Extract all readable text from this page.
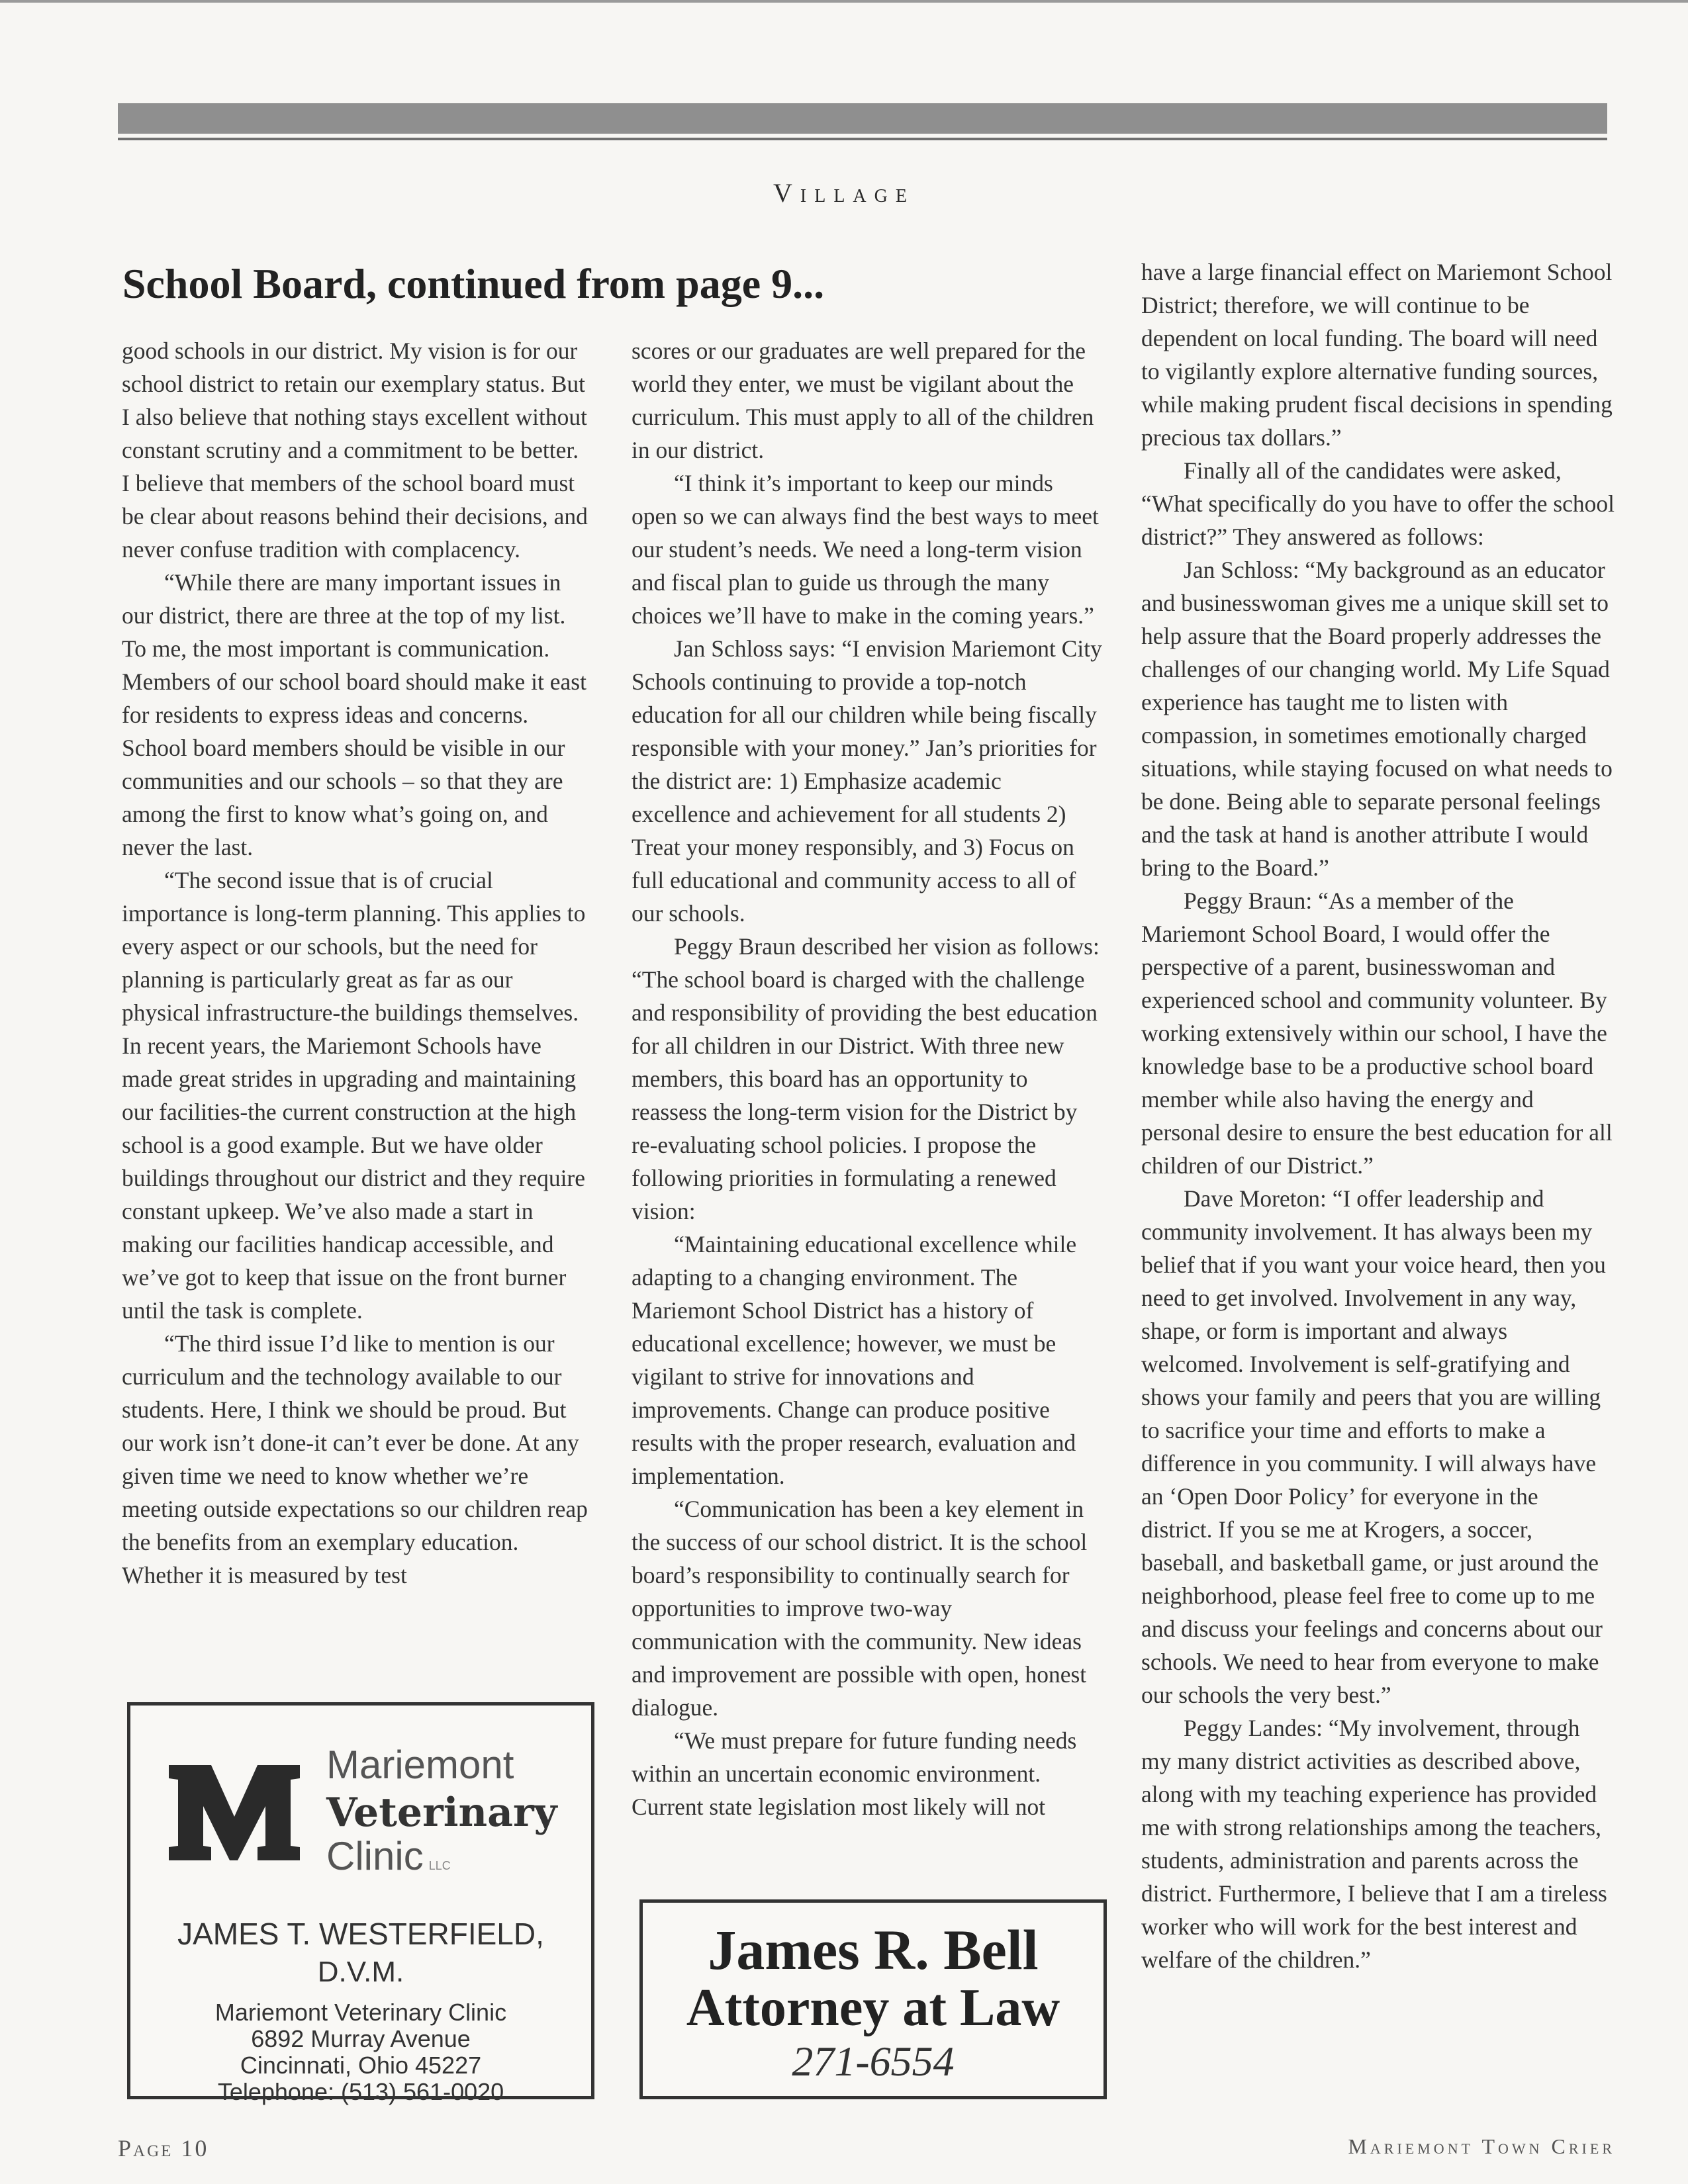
Village
School Board, continued from page 9...

good schools in our district. My vision is for our school district to retain our exemplary status. But I also believe that nothing stays excellent without constant scrutiny and a commitment to be better. I believe that members of the school board must be clear about reasons behind their decisions, and never confuse tradition with complacency.

“While there are many important issues in our district, there are three at the top of my list. To me, the most important is communication. Members of our school board should make it east for residents to express ideas and concerns. School board members should be visible in our communities and our schools – so that they are among the first to know what’s going on, and never the last.

“The second issue that is of crucial importance is long-term planning. This applies to every aspect or our schools, but the need for planning is particularly great as far as our physical infrastructure-the buildings themselves. In recent years, the Mariemont Schools have made great strides in upgrading and maintaining our facilities-the current construction at the high school is a good example. But we have older buildings throughout our district and they require constant upkeep. We’ve also made a start in making our facilities handicap accessible, and we’ve got to keep that issue on the front burner until the task is complete.

“The third issue I’d like to mention is our curriculum and the technology available to our students. Here, I think we should be proud. But our work isn’t done-it can’t ever be done. At any given time we need to know whether we’re meeting outside expectations so our children reap the benefits from an exemplary education. Whether it is measured by test

scores or our graduates are well prepared for the world they enter, we must be vigilant about the curriculum. This must apply to all of the children in our district.

“I think it’s important to keep our minds open so we can always find the best ways to meet our student’s needs. We need a long-term vision and fiscal plan to guide us through the many choices we’ll have to make in the coming years.”

Jan Schloss says: “I envision Mariemont City Schools continuing to provide a top-notch education for all our children while being fiscally responsible with your money.” Jan’s priorities for the district are: 1) Emphasize academic excellence and achievement for all students 2) Treat your money responsibly, and 3) Focus on full educational and community access to all of our schools.

Peggy Braun described her vision as follows: “The school board is charged with the challenge and responsibility of providing the best education for all children in our District. With three new members, this board has an opportunity to reassess the long-term vision for the District by re-evaluating school policies. I propose the following priorities in formulating a renewed vision:

“Maintaining educational excellence while adapting to a changing environment. The Mariemont School District has a history of educational excellence; however, we must be vigilant to strive for innovations and improvements. Change can produce positive results with the proper research, evaluation and implementation.

“Communication has been a key element in the success of our school district. It is the school board’s responsibility to continually search for opportunities to improve two-way communication with the community. New ideas and improvement are possible with open, honest dialogue.

“We must prepare for future funding needs within an uncertain economic environment. Current state legislation most likely will not

have a large financial effect on Mariemont School District; therefore, we will continue to be dependent on local funding. The board will need to vigilantly explore alternative funding sources, while making prudent fiscal decisions in spending precious tax dollars.”

Finally all of the candidates were asked, “What specifically do you have to offer the school district?” They answered as follows:

Jan Schloss: “My background as an educator and businesswoman gives me a unique skill set to help assure that the Board properly addresses the challenges of our changing world. My Life Squad experience has taught me to listen with compassion, in sometimes emotionally charged situations, while staying focused on what needs to be done. Being able to separate personal feelings and the task at hand is another attribute I would bring to the Board.”

Peggy Braun: “As a member of the Mariemont School Board, I would offer the perspective of a parent, businesswoman and experienced school and community volunteer. By working extensively within our school, I have the knowledge base to be a productive school board member while also having the energy and personal desire to ensure the best education for all children of our District.”

Dave Moreton: “I offer leadership and community involvement. It has always been my belief that if you want your voice heard, then you need to get involved. Involvement in any way, shape, or form is important and always welcomed. Involvement is self-gratifying and shows your family and peers that you are willing to sacrifice your time and efforts to make a difference in you community. I will always have an ‘Open Door Policy’ for everyone in the district. If you se me at Krogers, a soccer, baseball, and basketball game, or just around the neighborhood, please feel free to come up to me and discuss your feelings and concerns about our schools. We need to hear from everyone to make our schools the very best.”

Peggy Landes: “My involvement, through my many district activities as described above, along with my teaching experience has provided me with strong relationships among the teachers, students, administration and parents across the district. Furthermore, I believe that I am a tireless worker who will work for the best interest and welfare of the children.”

Mariemont
Veterinary
Clinic LLC
JAMES T. WESTERFIELD,
D.V.M.
Mariemont Veterinary Clinic
6892 Murray Avenue
Cincinnati, Ohio 45227
Telephone: (513) 561-0020
James R. Bell
Attorney at Law
271-6554
Page 10	Mariemont Town Crier
